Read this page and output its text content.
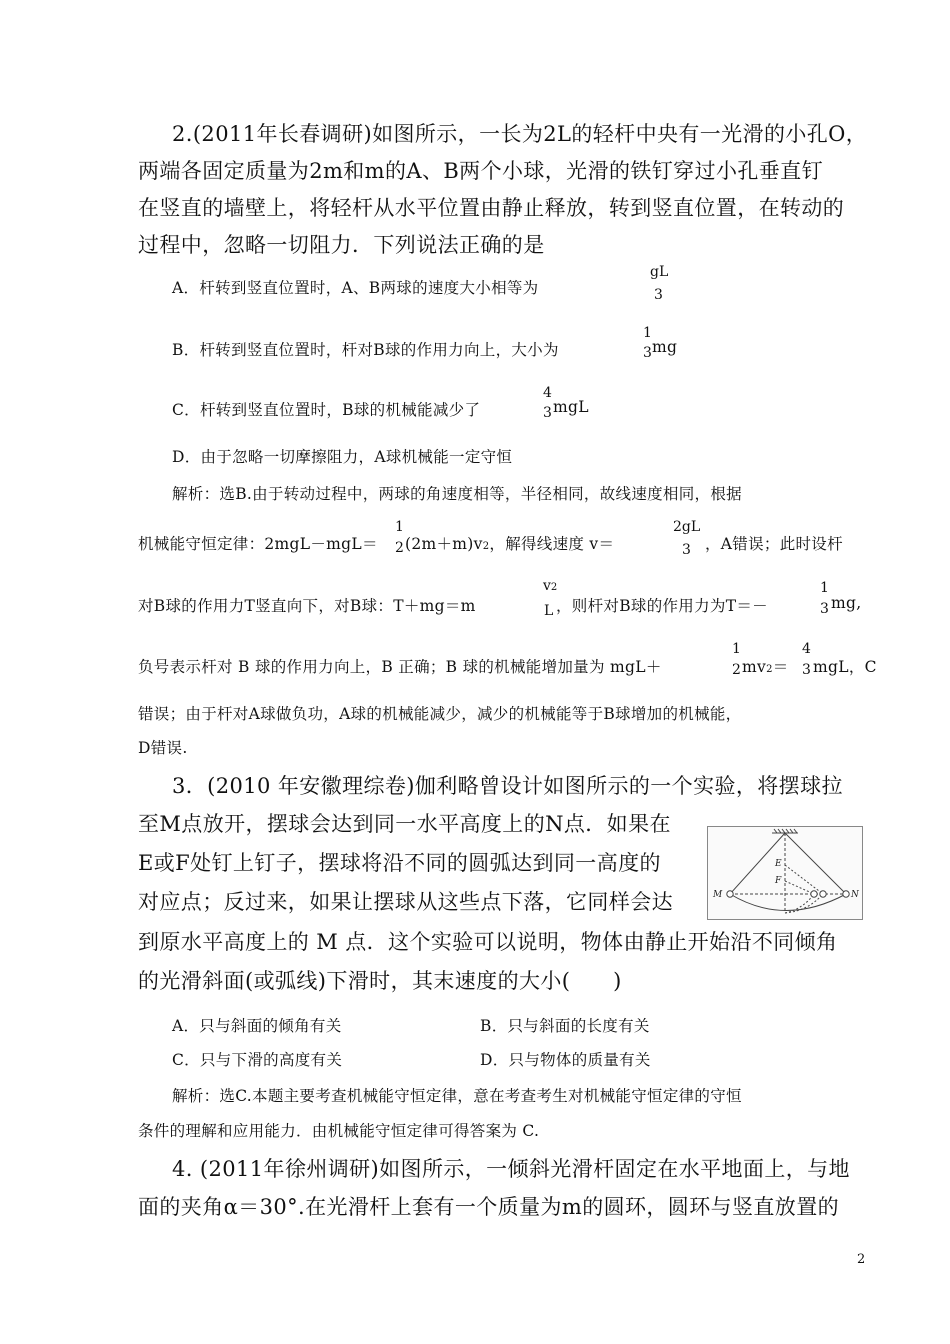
2.(2011年长春调研)如图所示，一长为2L的轻杆中央有一光滑的小孔O，
两端各固定质量为2m和m的A、B两个小球，光滑的铁钉穿过小孔垂直钉
在竖直的墙壁上，将轻杆从水平位置由静止释放，转到竖直位置，在转动的
过程中，忽略一切阻力．下列说法正确的是
A．杆转到竖直位置时，A、B两球的速度大小相等为
gL
3
B．杆转到竖直位置时，杆对B球的作用力向上，大小为
1
3 mg
C．杆转到竖直位置时，B球的机械能减少了
4
3 mgL
D．由于忽略一切摩擦阻力，A球机械能一定守恒
解析：选B.由于转动过程中，两球的角速度相等，半径相同，故线速度相同，根据
机械能守恒定律：2mgL－mgL＝
1
2 (2m＋m)v2，解得线速度 v＝
2gL
3 ，A错误；此时设杆
对B球的作用力T竖直向下，对B球：T＋mg＝m
v2
L ，则杆对B球的作用力为T＝－
1
3 mg,
负号表示杆对 B 球的作用力向上，B 正确；B 球的机械能增加量为 mgL＋
1
2 mv2＝
4
3 mgL，C
错误；由于杆对A球做负功，A球的机械能减少，减少的机械能等于B球增加的机械能，
D错误.
3．(2010 年安徽理综卷)伽利略曾设计如图所示的一个实验，将摆球拉
至M点放开，摆球会达到同一水平高度上的N点．如果在
E或F处钉上钉子，摆球将沿不同的圆弧达到同一高度的
对应点；反过来，如果让摆球从这些点下落，它同样会达
到原水平高度上的 M 点．这个实验可以说明，物体由静止开始沿不同倾角
的光滑斜面(或弧线)下滑时，其末速度的大小(　　)
M	N
E
F
A．只与斜面的倾角有关	B．只与斜面的长度有关
C．只与下滑的高度有关	D．只与物体的质量有关
解析：选C.本题主要考查机械能守恒定律，意在考查考生对机械能守恒定律的守恒
条件的理解和应用能力．由机械能守恒定律可得答案为 C.
4. (2011年徐州调研)如图所示，一倾斜光滑杆固定在水平地面上，与地
面的夹角α＝30°.在光滑杆上套有一个质量为m的圆环，圆环与竖直放置的
2
